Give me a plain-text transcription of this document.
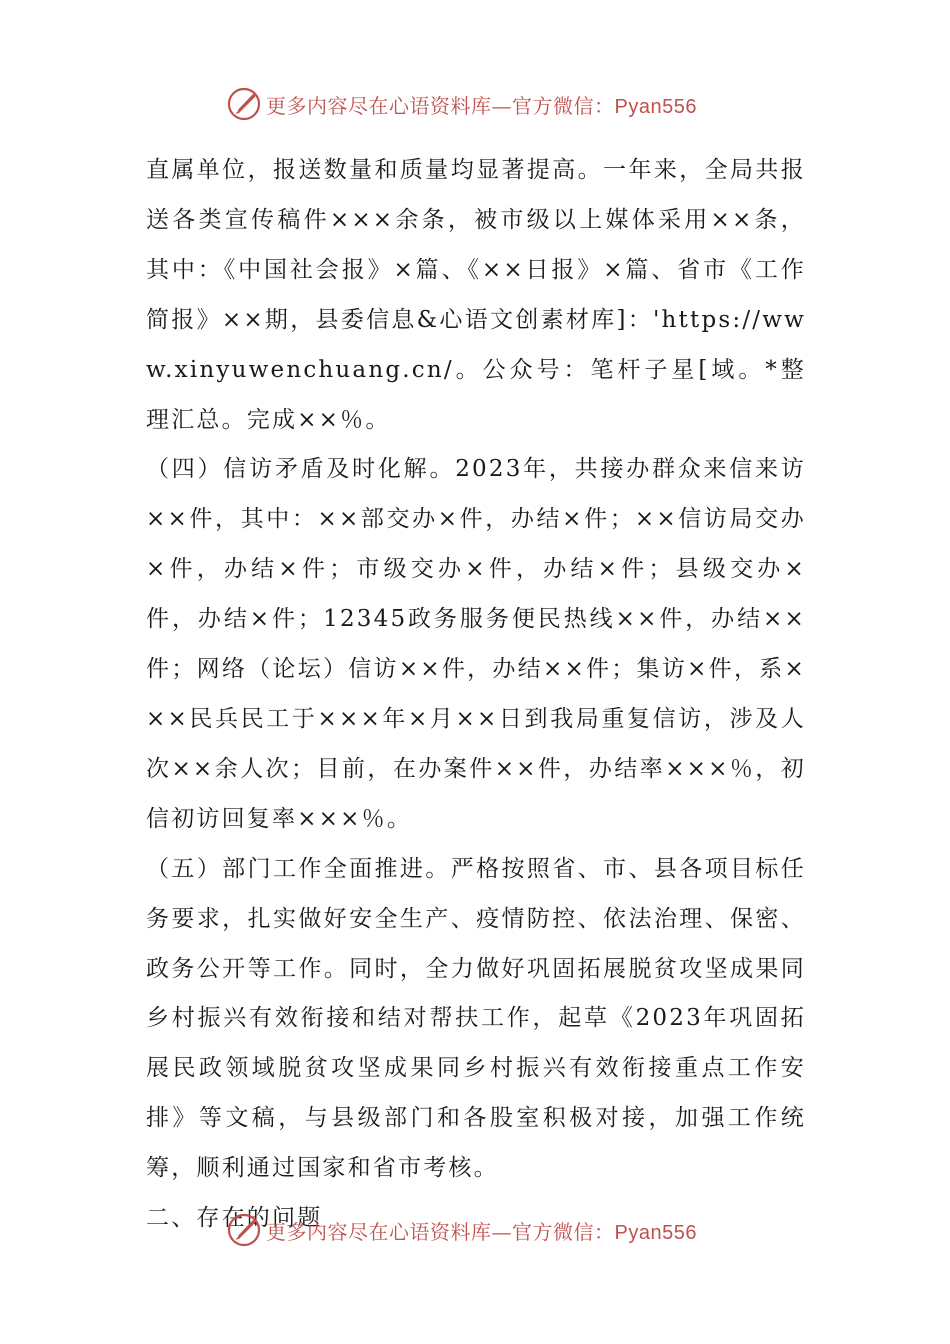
更多内容尽在心语资料库—官方微信：Pyan556

直属单位，报送数量和质量均显著提高。一年来，全局共报送各类宣传稿件×××余条，被市级以上媒体采用××条，其中：《中国社会报》×篇、《××日报》×篇、省市《工作简报》××期，县委信息&心语文创素材库]：'https://www.xinyuwenchuang.cn/。公众号：笔杆子星[域。*整理汇总。完成××％。

（四）信访矛盾及时化解。2023年，共接办群众来信来访××件，其中：××部交办×件，办结×件；××信访局交办×件，办结×件；市级交办×件，办结×件；县级交办×件，办结×件；12345政务服务便民热线××件，办结××件；网络（论坛）信访××件，办结××件；集访×件，系×××民兵民工于×××年×月××日到我局重复信访，涉及人次××余人次；目前，在办案件××件，办结率×××％，初信初访回复率×××％。

（五）部门工作全面推进。严格按照省、市、县各项目标任务要求，扎实做好安全生产、疫情防控、依法治理、保密、政务公开等工作。同时，全力做好巩固拓展脱贫攻坚成果同乡村振兴有效衔接和结对帮扶工作，起草《2023年巩固拓展民政领域脱贫攻坚成果同乡村振兴有效衔接重点工作安排》等文稿，与县级部门和各股室积极对接，加强工作统筹，顺利通过国家和省市考核。

二、存在的问题

更多内容尽在心语资料库—官方微信：Pyan556
